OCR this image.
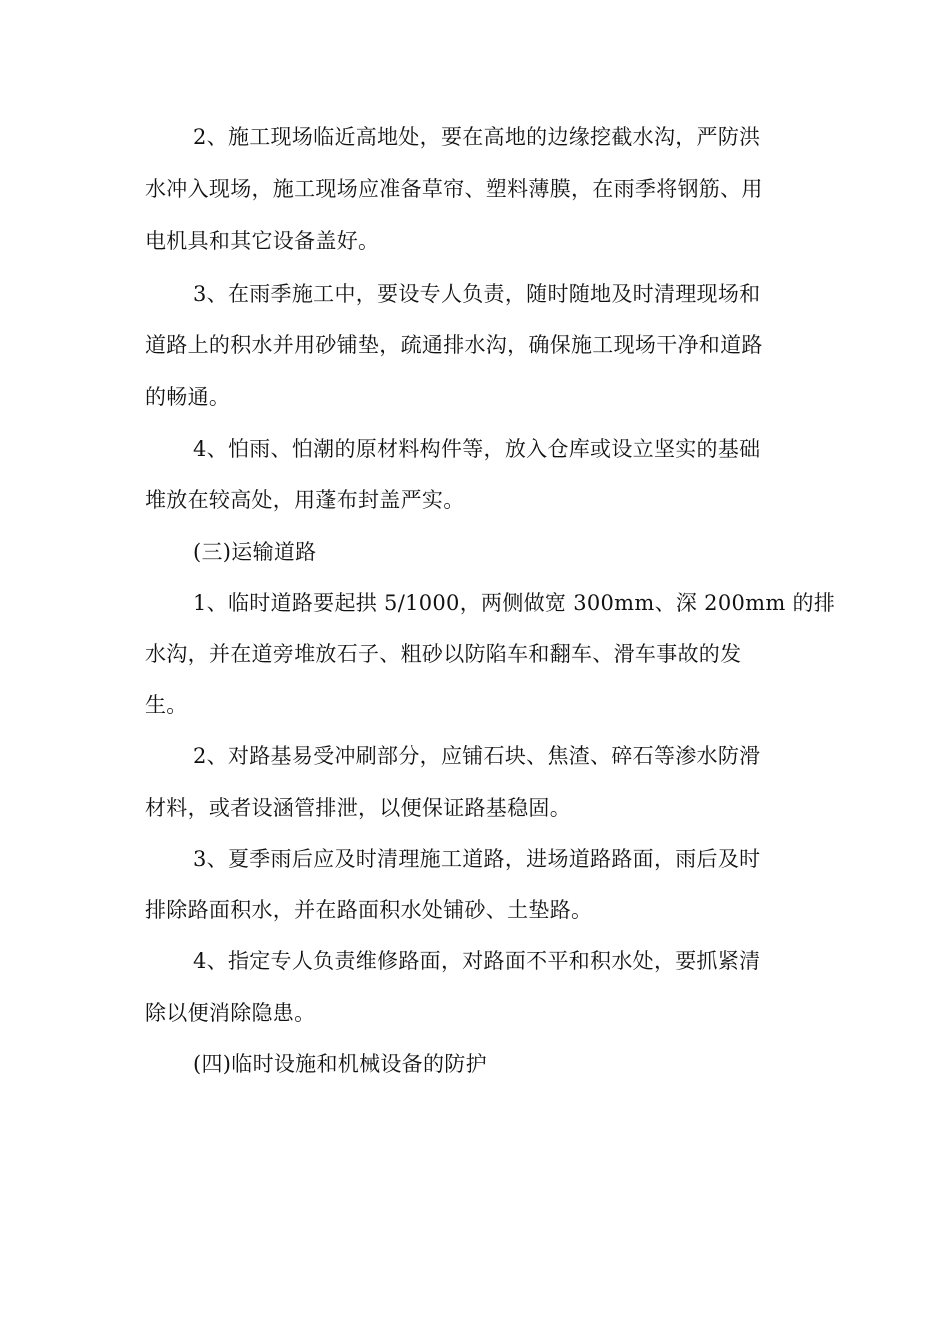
2、施工现场临近高地处，要在高地的边缘挖截水沟，严防洪
水冲入现场，施工现场应准备草帘、塑料薄膜，在雨季将钢筋、用
电机具和其它设备盖好。
3、在雨季施工中，要设专人负责，随时随地及时清理现场和
道路上的积水并用砂铺垫，疏通排水沟，确保施工现场干净和道路
的畅通。
4、怕雨、怕潮的原材料构件等，放入仓库或设立坚实的基础
堆放在较高处，用蓬布封盖严实。
(三)运输道路
1、临时道路要起拱 5/1000，两侧做宽 300mm、深 200mm 的排
水沟，并在道旁堆放石子、粗砂以防陷车和翻车、滑车事故的发
生。
2、对路基易受冲刷部分，应铺石块、焦渣、碎石等渗水防滑
材料，或者设涵管排泄，以便保证路基稳固。
3、夏季雨后应及时清理施工道路，进场道路路面，雨后及时
排除路面积水，并在路面积水处铺砂、土垫路。
4、指定专人负责维修路面，对路面不平和积水处，要抓紧清
除以便消除隐患。
(四)临时设施和机械设备的防护
